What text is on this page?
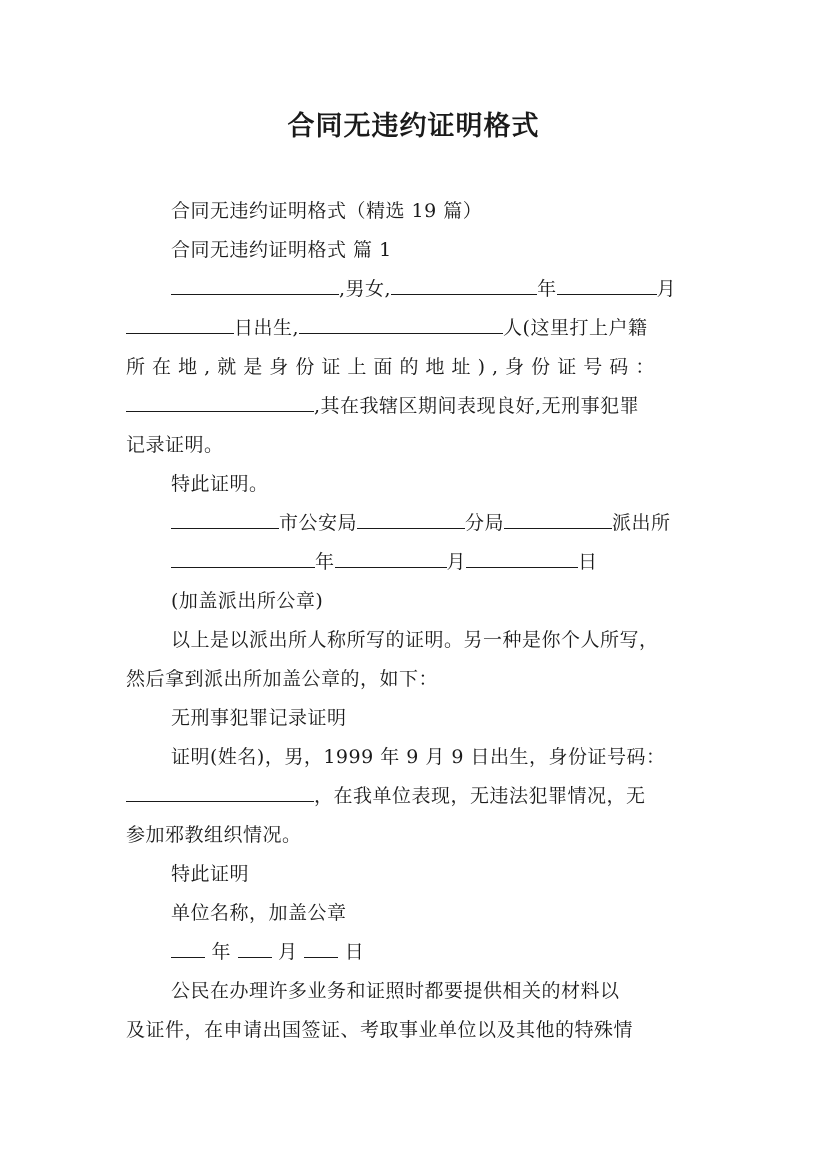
合同无违约证明格式
合同无违约证明格式（精选 19 篇）
合同无违约证明格式 篇 1
,男女,	年	月
日出生,	人(这里打上户籍
所 在 地 , 就 是 身 份 证 上 面 的 地 址 ) , 身 份 证 号 码 ：
,其在我辖区期间表现良好,无刑事犯罪
记录证明。
特此证明。
市公安局	分局	派出所
年	月	日
(加盖派出所公章)
以上是以派出所人称所写的证明。另一种是你个人所写，
然后拿到派出所加盖公章的，如下：
无刑事犯罪记录证明
证明(姓名)，男，1999 年 9 月 9 日出生，身份证号码：
，在我单位表现，无违法犯罪情况，无
参加邪教组织情况。
特此证明
单位名称，加盖公章
年 月 日
公民在办理许多业务和证照时都要提供相关的材料以
及证件，在申请出国签证、考取事业单位以及其他的特殊情
